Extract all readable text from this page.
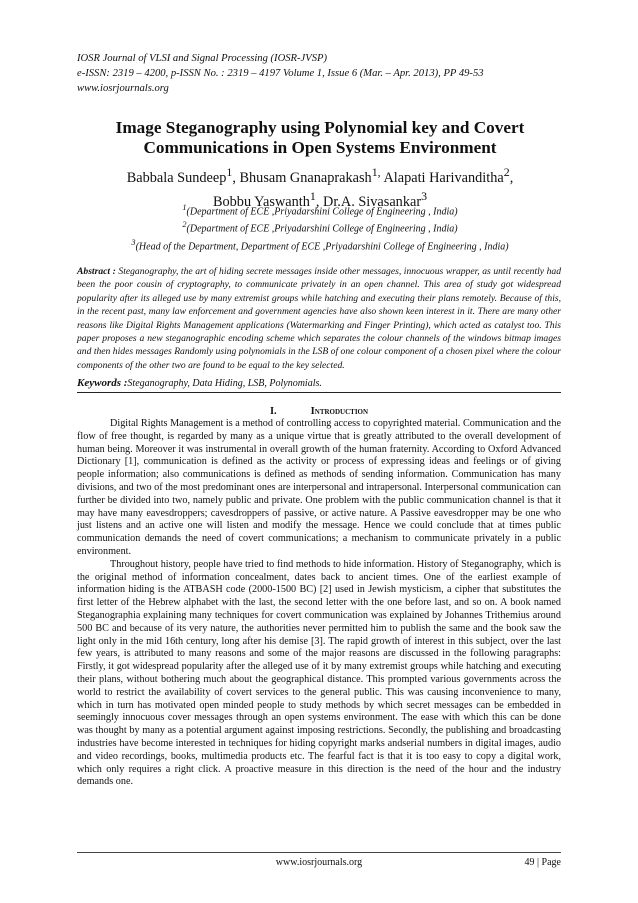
IOSR Journal of VLSI and Signal Processing (IOSR-JVSP)
e-ISSN: 2319 – 4200, p-ISSN No. : 2319 – 4197 Volume 1, Issue 6 (Mar. – Apr. 2013), PP 49-53
www.iosrjournals.org
Image Steganography using Polynomial key and Covert Communications in Open Systems Environment
Babbala Sundeep$^1$, Bhusam Gnanaprakash$^{1,}$ Alapati Harivanditha$^2$,
Bobbu Yaswanth$^1$, Dr.A. Sivasankar$^3$
$^1$(Department of ECE ,Priyadarshini College of Engineering , India)
$^2$(Department of ECE ,Priyadarshini College of Engineering , India)
$^3$(Head of the Department, Department of ECE ,Priyadarshini College of Engineering , India)
Abstract : Steganography, the art of hiding secrete messages inside other messages, innocuous wrapper, as until recently had been the poor cousin of cryptography, to communicate privately in an open channel. This area of study got widespread popularity after its alleged use by many extremist groups while hatching and executing their plans remotely. Because of this, in the recent past, many law enforcement and government agencies have also shown keen interest in it. There are many other reasons like Digital Rights Management applications (Watermarking and Finger Printing), which acted as catalyst too. This paper proposes a new steganographic encoding scheme which separates the colour channels of the windows bitmap images and then hides messages Randomly using polynomials in the LSB of one colour component of a chosen pixel where the colour components of the other two are found to be equal to the key selected.
Keywords :Steganography, Data Hiding, LSB, Polynomials.
I.	Introduction

Digital Rights Management is a method of controlling access to copyrighted material. Communication and the flow of free thought, is regarded by many as a unique virtue that is greatly attributed to the overall development of human being. Moreover it was instrumental in overall growth of the human fraternity. According to Oxford Advanced Dictionary [1], communication is defined as the activity or process of expressing ideas and feelings or of giving people information; also communications is defined as methods of sending information. Communication has many divisions, and two of the most predominant ones are interpersonal and intrapersonal. Interpersonal communication can further be divided into two, namely public and private. One problem with the public communication channel is that it may have many eavesdroppers; cavesdroppers of passive, or active nature. A Passive eavesdropper may be one who just listens and an active one will listen and modify the message. Hence we could conclude that at times public communication demands the need of covert communications; a mechanism to communicate privately in a public environment.

Throughout history, people have tried to find methods to hide information. History of Steganography, which is the original method of information concealment, dates back to ancient times. One of the earliest example of information hiding is the ATBASH code (2000-1500 BC) [2] used in Jewish mysticism, a cipher that substitutes the first letter of the Hebrew alphabet with the last, the second letter with the one before last, and so on. A book named Steganographia explaining many techniques for covert communication was explained by Johannes Trithemius around 500 BC and because of its very nature, the authorities never permitted him to publish the same and the book saw the light only in the mid 16th century, long after his demise [3]. The rapid growth of interest in this subject, over the last few years, is attributed to many reasons and some of the major reasons are discussed in the following paragraphs: Firstly, it got widespread popularity after the alleged use of it by many extremist groups while hatching and executing their plans, without bothering much about the geographical distance. This prompted various governments across the world to restrict the availability of covert services to the general public. This was causing inconvenience to many, which in turn has motivated open minded people to study methods by which secret messages can be embedded in seemingly innocuous cover messages through an open systems environment. The ease with which this can be done was thought by many as a potential argument against imposing restrictions. Secondly, the publishing and broadcasting industries have become interested in techniques for hiding copyright marks andserial numbers in digital images, audio and video recordings, books, multimedia products etc. The fearful fact is that it is too easy to copy a digital work, which only requires a right click. A proactive measure in this direction is the need of the hour and the industry demands one.

www.iosrjournals.org	49 | Page
